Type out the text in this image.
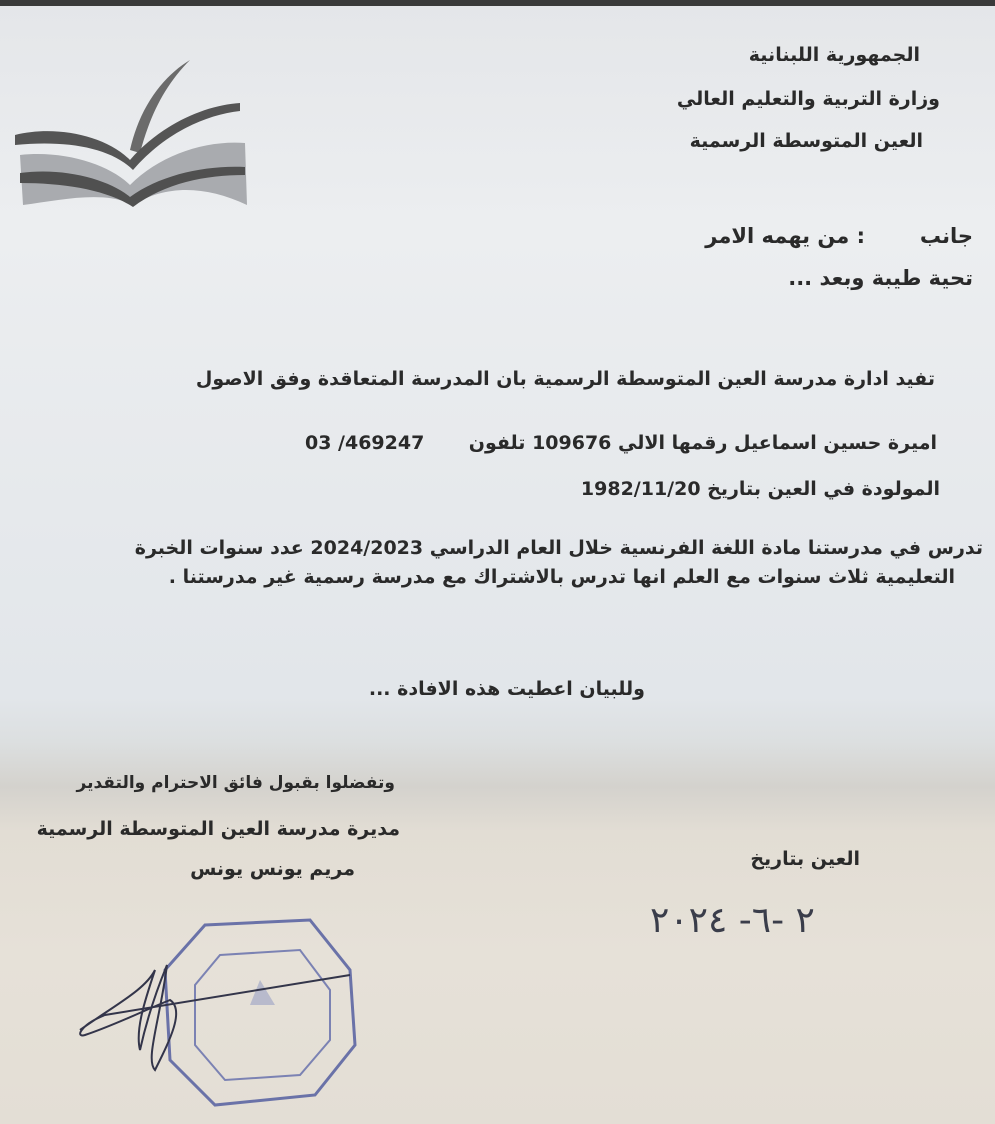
الجمهورية اللبنانية
وزارة التربية والتعليم العالي
العين المتوسطة الرسمية
جانب
: من يهمه الامر
تحية طيبة وبعد ...
تفيد ادارة مدرسة العين المتوسطة الرسمية بان المدرسة المتعاقدة وفق الاصول
اميرة حسين اسماعيل رقمها الالي 109676 تلفون
03 /469247
المولودة في العين بتاريخ 1982/11/20
تدرس في مدرستنا مادة اللغة الفرنسية خلال العام الدراسي 2024/2023 عدد سنوات الخبرة
التعليمية ثلاث سنوات مع العلم انها تدرس بالاشتراك مع مدرسة رسمية غير مدرستنا .
وللبيان اعطيت هذه الافادة ...
وتفضلوا بقبول فائق الاحترام والتقدير
مديرة مدرسة العين المتوسطة الرسمية
مريم يونس يونس	العين بتاريخ
٢٠٢٤ -٦- ٢
